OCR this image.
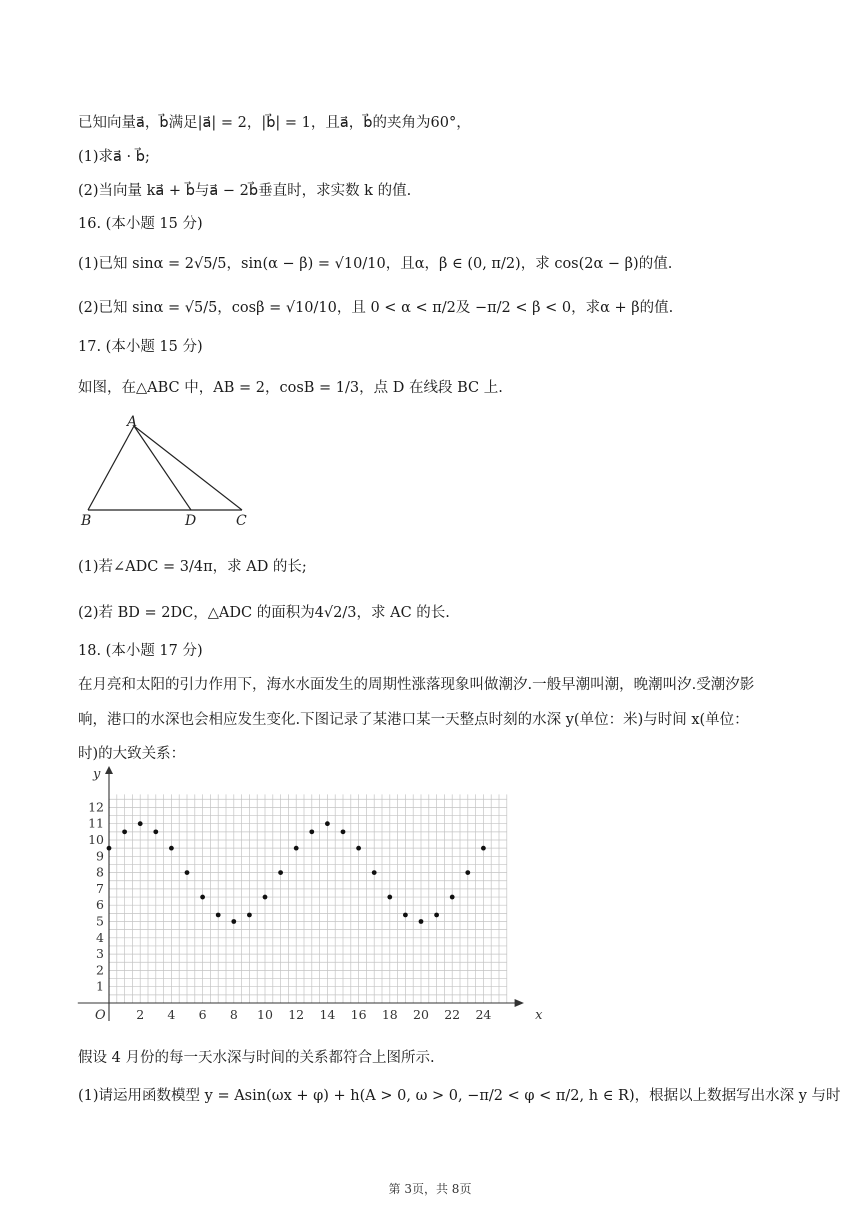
已知向量a⃗，b⃗满足|a⃗| = 2，|b⃗| = 1，且a⃗，b⃗的夹角为60°，
(1)求a⃗ · b⃗;
(2)当向量 ka⃗ + b⃗与a⃗ − 2b⃗垂直时，求实数 k 的值.
16. (本小题 15 分)
(1)已知 sinα = 2√5/5，sin(α − β) = √10/10，且α，β ∈ (0, π/2)，求 cos(2α − β)的值.
(2)已知 sinα = √5/5，cosβ = √10/10，且 0 < α < π/2及 −π/2 < β < 0，求α + β的值.
17. (本小题 15 分)
如图，在△ABC 中，AB = 2，cosB = 1/3，点 D 在线段 BC 上.
A
B	D	C
(1)若∠ADC = 3/4π，求 AD 的长;
(2)若 BD = 2DC，△ADC 的面积为4√2/3，求 AC 的长.
18. (本小题 17 分)
在月亮和太阳的引力作用下，海水水面发生的周期性涨落现象叫做潮汐.一般早潮叫潮，晚潮叫汐.受潮汐影
响，港口的水深也会相应发生变化.下图记录了某港口某一天整点时刻的水深 y(单位：米)与时间 x(单位：
时)的大致关系：
x
y
O 2 4 6 8 10 12 14 16 18 20 22 24
1
2
3
4
5
6
7
8
9
10
11
12
假设 4 月份的每一天水深与时间的关系都符合上图所示.
(1)请运用函数模型 y = Asin(ωx + φ) + h(A > 0, ω > 0, −π/2 < φ < π/2, h ∈ R)，根据以上数据写出水深 y 与时
第 3页，共 8页
